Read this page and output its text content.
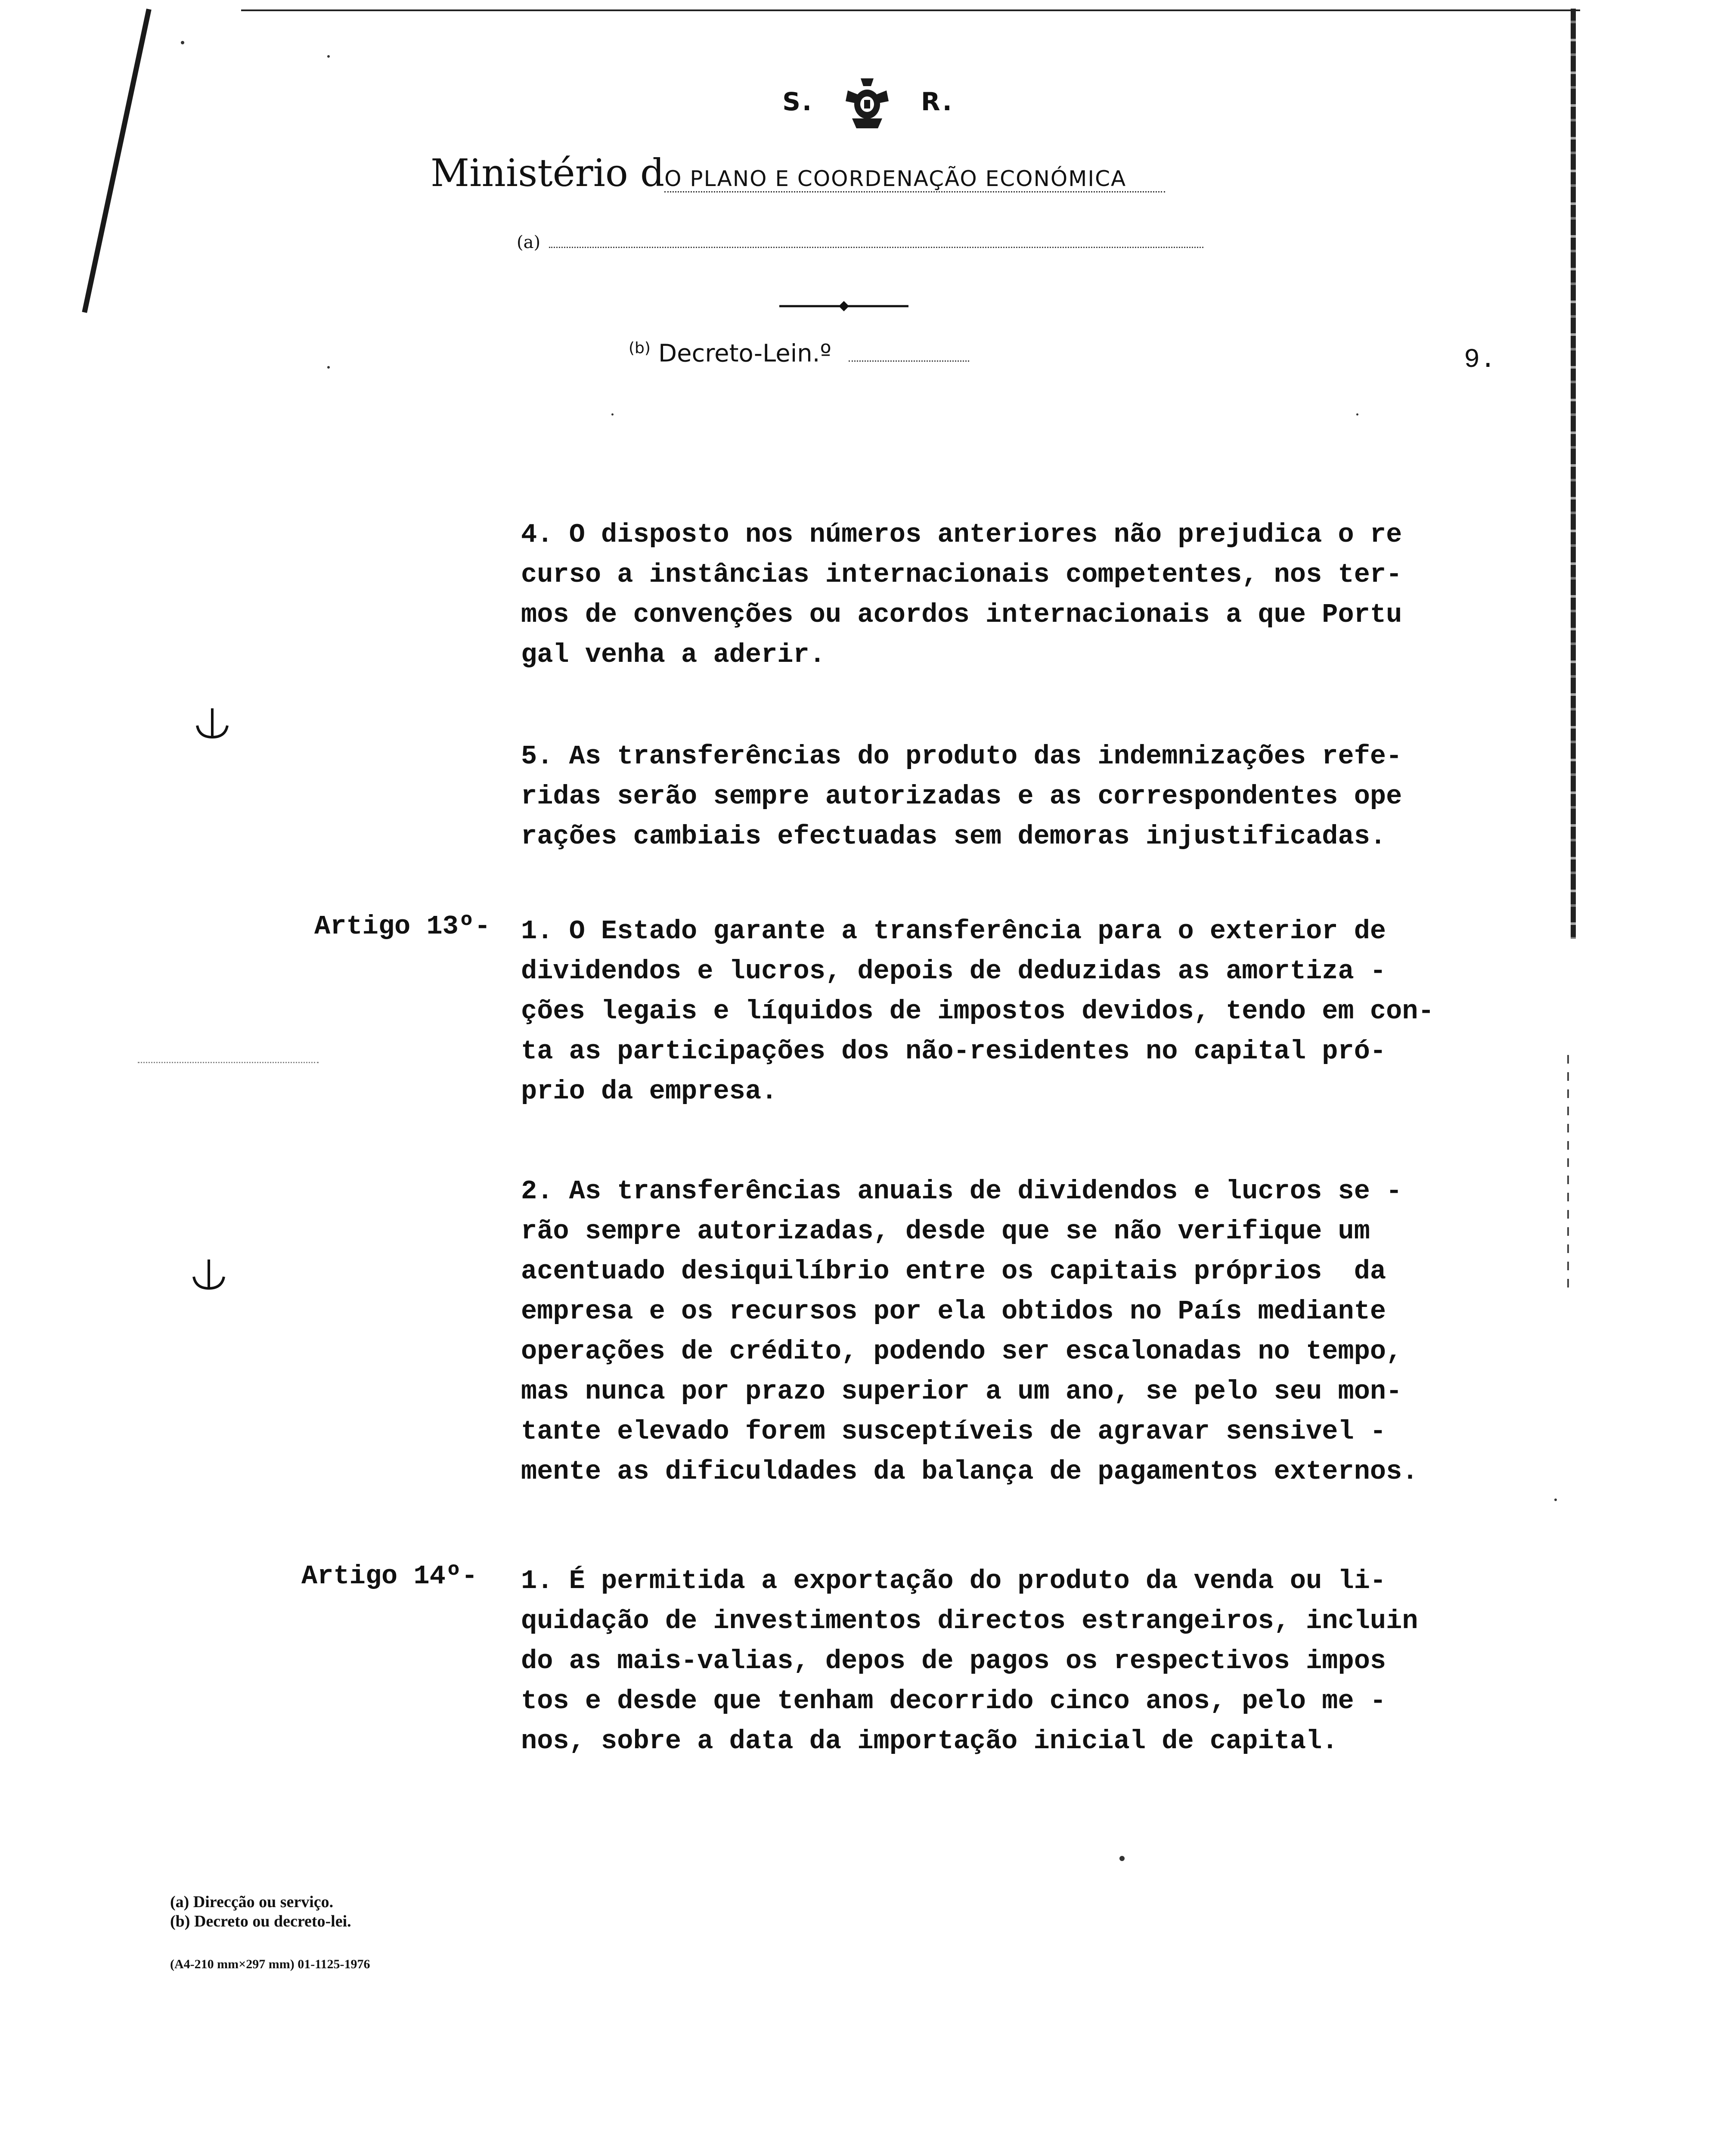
S.	R.
Ministério dO PLANO E COORDENAÇÃO ECONÓMICA
(a)
$^{(b)}$ Decreto-Lein.º	9.
4. O disposto nos números anteriores não prejudica o re
curso a instâncias internacionais competentes, nos ter-
mos de convenções ou acordos internacionais a que Portu
gal venha a aderir.
5. As transferências do produto das indemnizações refe-
ridas serão sempre autorizadas e as correspondentes ope
rações cambiais efectuadas sem demoras injustificadas.
Artigo 13º- 1. O Estado garante a transferência para o exterior de
dividendos e lucros, depois de deduzidas as amortiza -
ções legais e líquidos de impostos devidos, tendo em con-
ta as participações dos não-residentes no capital pró-
prio da empresa.
2. As transferências anuais de dividendos e lucros se -
rão sempre autorizadas, desde que se não verifique um
acentuado desiquilíbrio entre os capitais próprios  da
empresa e os recursos por ela obtidos no País mediante
operações de crédito, podendo ser escalonadas no tempo,
mas nunca por prazo superior a um ano, se pelo seu mon-
tante elevado forem susceptíveis de agravar sensivel -
mente as dificuldades da balança de pagamentos externos.
Artigo 14º- 1. É permitida a exportação do produto da venda ou li-
quidação de investimentos directos estrangeiros, incluin
do as mais-valias, depos de pagos os respectivos impos
tos e desde que tenham decorrido cinco anos, pelo me -
nos, sobre a data da importação inicial de capital.
(a) Direcção ou serviço.
(b) Decreto ou decreto-lei.
(A4-210 mm×297 mm) 01-1125-1976
